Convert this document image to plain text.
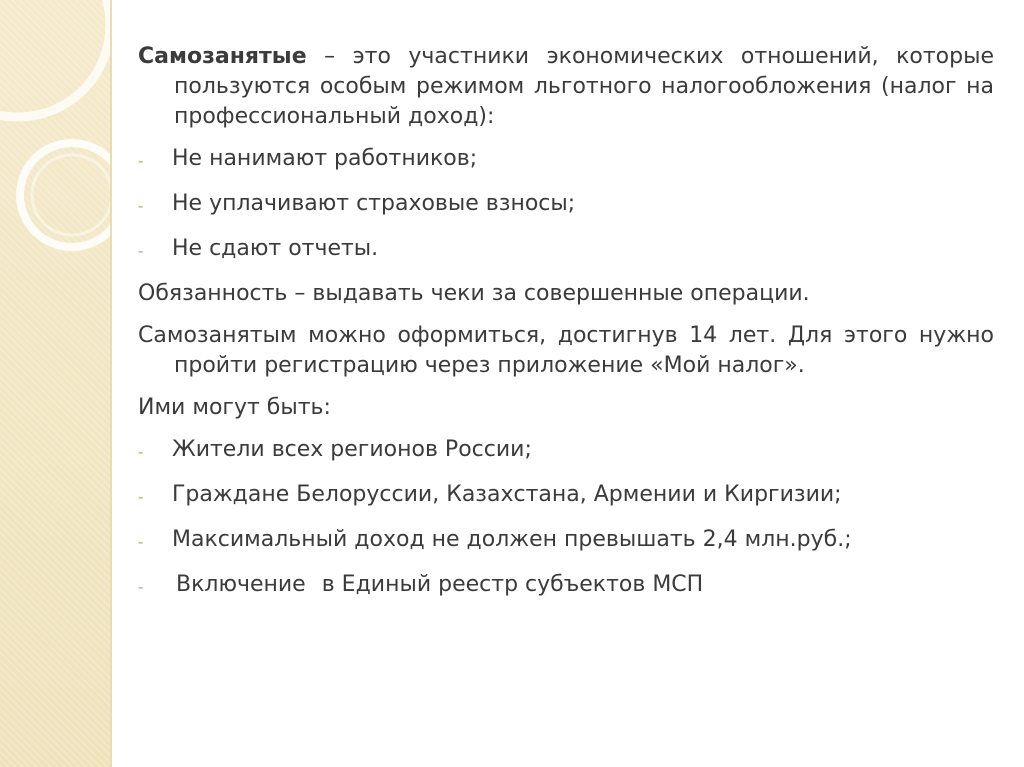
Самозанятые – это участники экономических отношений, которые пользуются особым режимом льготного налогообложения (налог на профессиональный доход):

- Не нанимают работников;
- Не уплачивают страховые взносы;
- Не сдают отчеты.

Обязанность – выдавать чеки за совершенные операции.

Самозанятым можно оформиться, достигнув 14 лет. Для этого нужно пройти регистрацию через приложение «Мой налог».

Ими могут быть:

- Жители всех регионов России;
- Граждане Белоруссии, Казахстана, Армении и Киргизии;
- Максимальный доход не должен превышать 2,4 млн.руб.;
- Включение в Единый реестр субъектов МСП
